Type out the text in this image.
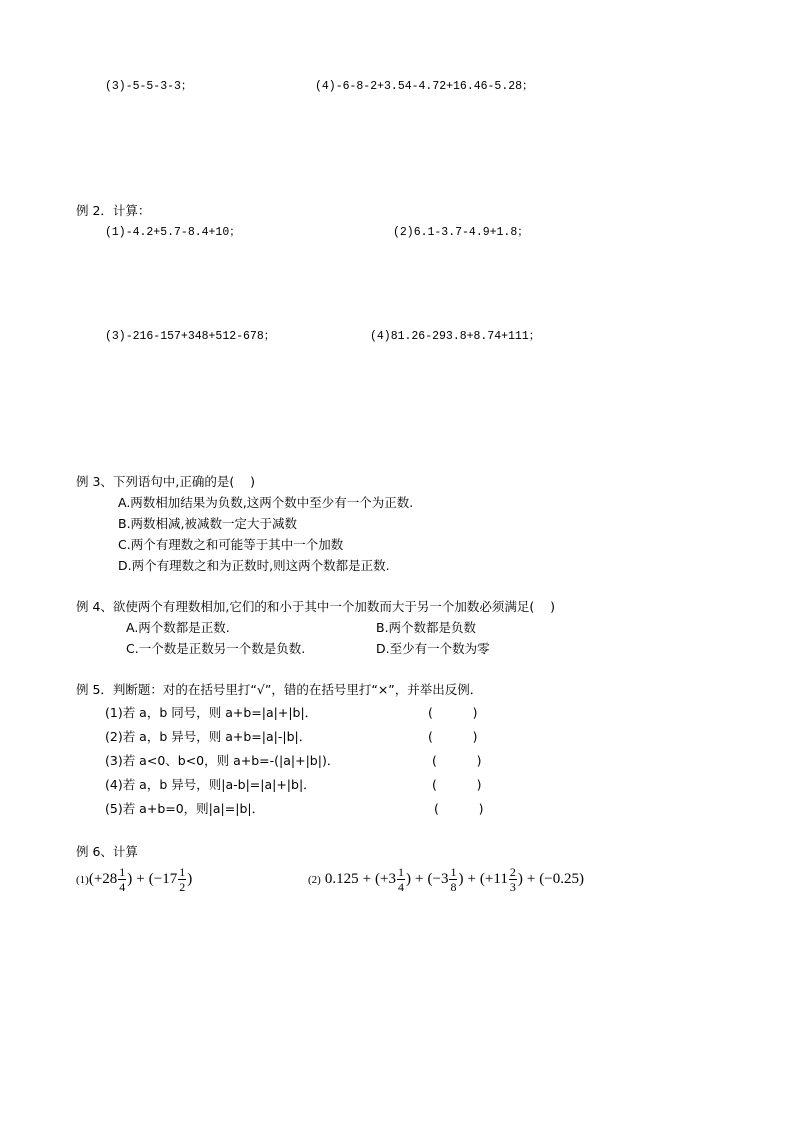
(3)-5-5-3-3；	(4)-6-8-2+3.54-4.72+16.46-5.28；
例 2．计算：
(1)-4.2+5.7-8.4+10；	(2)6.1-3.7-4.9+1.8；
(3)-216-157+348+512-678；	(4)81.26-293.8+8.74+111；
例 3、下列语句中,正确的是(    )
A.两数相加结果为负数,这两个数中至少有一个为正数.
B.两数相减,被减数一定大于减数
C.两个有理数之和可能等于其中一个加数
D.两个有理数之和为正数时,则这两个数都是正数.
例 4、欲使两个有理数相加,它们的和小于其中一个加数而大于另一个加数必须满足(    )
A.两个数都是正数.	B.两个数都是负数
C.一个数是正数另一个数是负数.	D.至少有一个数为零
例 5．判断题：对的在括号里打“√”，错的在括号里打“×”，并举出反例．
(1)若 a，b 同号，则 a+b=|a|+|b|．	(          )
(2)若 a，b 异号，则 a+b=|a|-|b|．	(          )
(3)若 a<0、b<0，则 a+b=-(|a|+|b|)．	(          )
(4)若 a，b 异号，则|a-b|=|a|+|b|．	(          )
(5)若 a+b=0，则|a|=|b|．	(          )
例 6、计算
(1) ($+28 \frac{1}{4}$ ) + ($-17 \frac{1}{2}$ )	(2) $0.125 + (+3 \frac{1}{4}$ ) + ($-3 \frac{1}{8}$ ) + ($+11 \frac{2}{3}$ ) + (−0.25)
